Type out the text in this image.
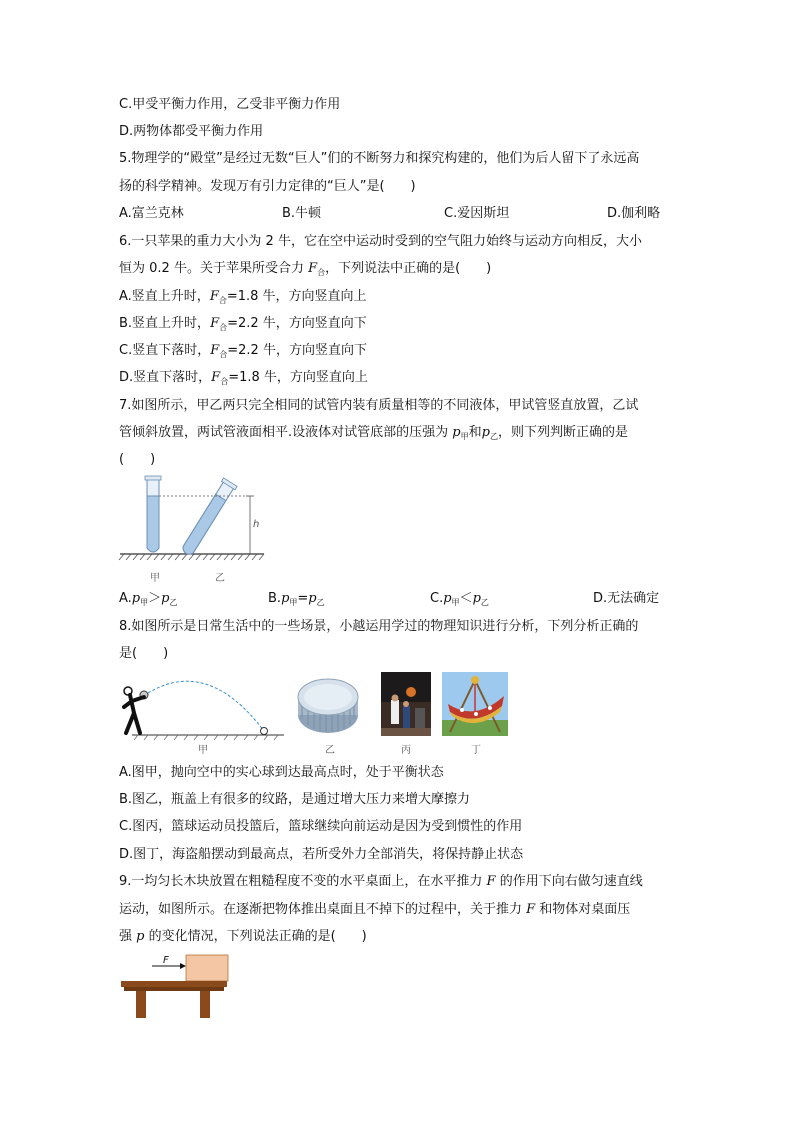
C.甲受平衡力作用，乙受非平衡力作用
D.两物体都受平衡力作用
5.物理学的“殿堂”是经过无数“巨人”们的不断努力和探究构建的，他们为后人留下了永远高
扬的科学精神。发现万有引力定律的“巨人”是(　　)
A.富兰克林	B.牛顿	C.爱因斯坦	D.伽利略
6.一只苹果的重力大小为 2 牛，它在空中运动时受到的空气阻力始终与运动方向相反，大小
恒为 0.2 牛。关于苹果所受合力 $F_合$，下列说法中正确的是(　　)
A.竖直上升时，$F_合=1.8$ 牛，方向竖直向上
B.竖直上升时，$F_合=2.2$ 牛，方向竖直向下
C.竖直下落时，$F_合=2.2$ 牛，方向竖直向下
D.竖直下落时，$F_合=1.8$ 牛，方向竖直向上
7.如图所示，甲乙两只完全相同的试管内装有质量相等的不同液体，甲试管竖直放置，乙试
管倾斜放置，两试管液面相平.设液体对试管底部的压强为 $p_甲$和$p_乙$，则下列判断正确的是
(　　)
h
甲	乙
$A.p_甲>p_乙$	$B.p_甲=p_乙$	$C.p_甲<p_乙$	D.无法确定
8.如图所示是日常生活中的一些场景，小越运用学过的物理知识进行分析，下列分析正确的
是(　　)
甲	乙	丙	丁
A.图甲，抛向空中的实心球到达最高点时，处于平衡状态
B.图乙，瓶盖上有很多的纹路，是通过增大压力来增大摩擦力
C.图丙，篮球运动员投篮后，篮球继续向前运动是因为受到惯性的作用
D.图丁，海盗船摆动到最高点，若所受外力全部消失，将保持静止状态
9.一均匀长木块放置在粗糙程度不变的水平桌面上，在水平推力 F 的作用下向右做匀速直线
运动，如图所示。在逐渐把物体推出桌面且不掉下的过程中，关于推力 F 和物体对桌面压
强 p 的变化情况，下列说法正确的是(　　)
F
